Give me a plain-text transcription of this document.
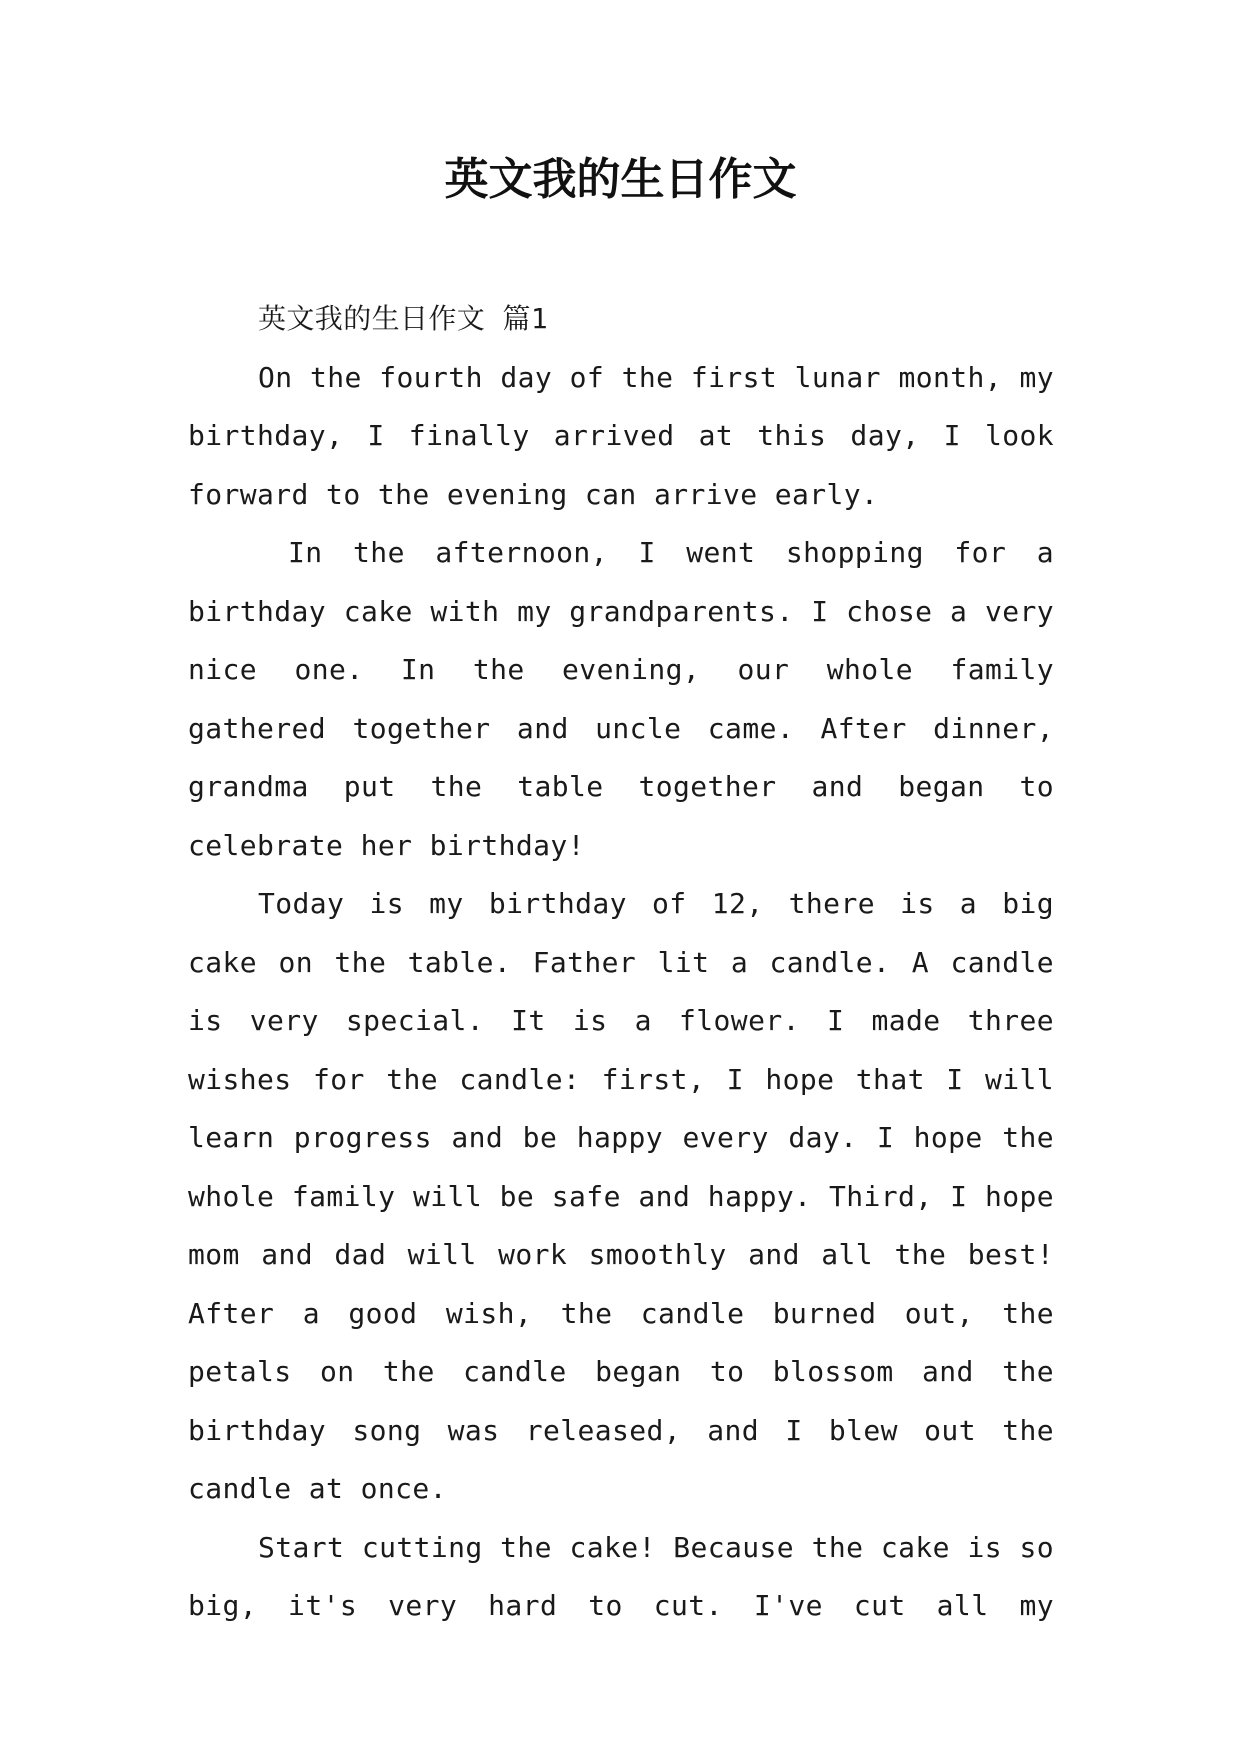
英文我的生日作文
英文我的生日作文 篇1

On the fourth day of the first lunar month, my birthday, I finally arrived at this day, I look forward to the evening can arrive early.

In the afternoon, I went shopping for a birthday cake with my grandparents. I chose a very nice one. In the evening, our whole family gathered together and uncle came. After dinner, grandma put the table together and began to celebrate her birthday!

Today is my birthday of 12, there is a big cake on the table. Father lit a candle. A candle is very special. It is a flower. I made three wishes for the candle: first, I hope that I will learn progress and be happy every day. I hope the whole family will be safe and happy. Third, I hope mom and dad will work smoothly and all the best! After a good wish, the candle burned out, the petals on the candle began to blossom and the birthday song was released, and I blew out the candle at once.

Start cutting the cake! Because the cake is so big, it's very hard to cut. I've cut all my
